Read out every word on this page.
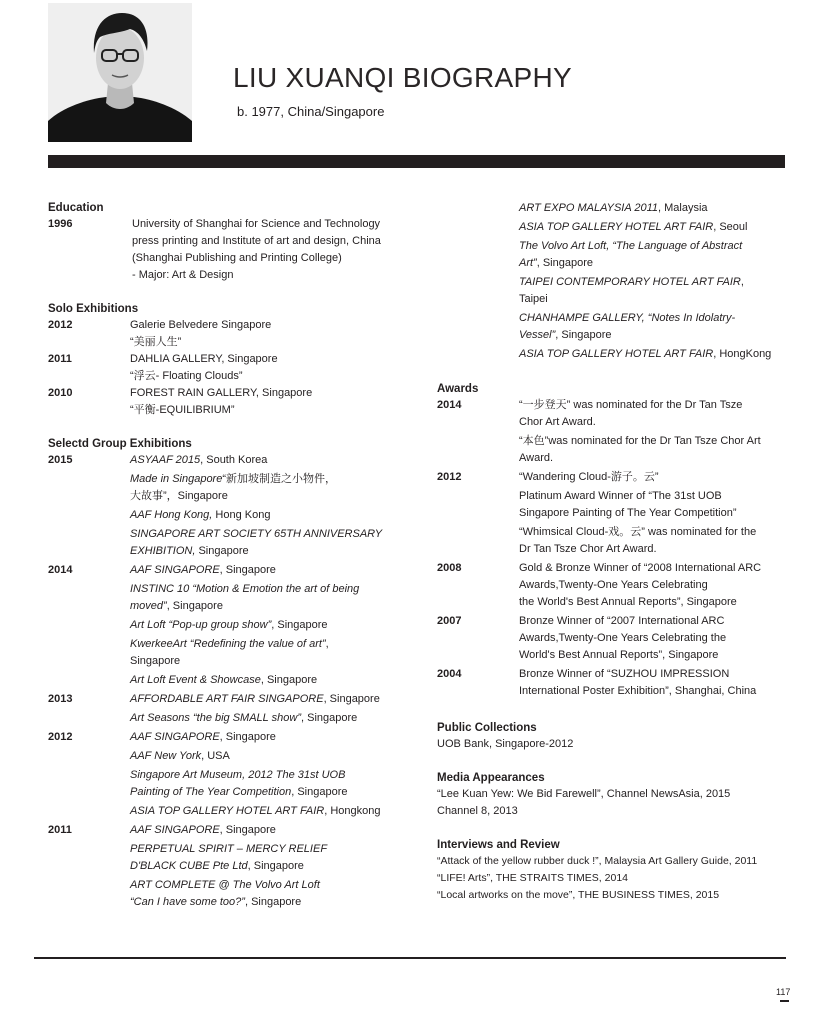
LIU XUANQI BIOGRAPHY
b. 1977, China/Singapore
Education
1996	University of Shanghai for Science and Technology
press printing and Institute of art and design, China
(Shanghai Publishing and Printing College)
- Major: Art & Design
Solo Exhibitions
2012	Galerie Belvedere Singapore
“美丽人生”
2011	DAHLIA GALLERY, Singapore
“浮云- Floating Clouds”
2010	FOREST RAIN GALLERY, Singapore
“平衡-EQUILIBRIUM”
Selectd Group Exhibitions
2015	ASYAAF 2015, South Korea
Made in Singapore“新加坡制造之小物件，
大故事”，Singapore
AAF Hong Kong, Hong Kong
SINGAPORE ART SOCIETY 65TH ANNIVERSARY
EXHIBITION, Singapore
2014	AAF SINGAPORE, Singapore
INSTINC 10 “Motion & Emotion the art of being
moved”, Singapore
Art Loft “Pop-up group show”, Singapore
KwerkeeArt “Redefining the value of art”,
Singapore
Art Loft Event & Showcase, Singapore
2013	AFFORDABLE ART FAIR SINGAPORE, Singapore
Art Seasons “the big SMALL show”, Singapore
2012	AAF SINGAPORE, Singapore
AAF New York, USA
Singapore Art Museum, 2012 The 31st UOB
Painting of The Year Competition, Singapore
ASIA TOP GALLERY HOTEL ART FAIR, Hongkong
2011	AAF SINGAPORE, Singapore
PERPETUAL SPIRIT – MERCY RELIEF
D'BLACK CUBE Pte Ltd, Singapore
ART COMPLETE @ The Volvo Art Loft
“Can I have some too?”, Singapore
ART EXPO MALAYSIA 2011, Malaysia
ASIA TOP GALLERY HOTEL ART FAIR, Seoul
The Volvo Art Loft, “The Language of Abstract
Art”, Singapore
TAIPEI CONTEMPORARY HOTEL ART FAIR,
Taipei
CHANHAMPE GALLERY, “Notes In Idolatry-
Vessel”, Singapore
ASIA TOP GALLERY HOTEL ART FAIR, HongKong
Awards
2014	“一步登天” was nominated for the Dr Tan Tsze
Chor Art Award.
“本色”was nominated for the Dr Tan Tsze Chor Art
Award.
2012	“Wandering Cloud-游子。云”
Platinum Award Winner of “The 31st UOB
Singapore Painting of The Year Competition”
“Whimsical Cloud-戏。云” was nominated for the
Dr Tan Tsze Chor Art Award.
2008	Gold & Bronze Winner of “2008 International ARC
Awards,Twenty-One Years Celebrating
the World's Best Annual Reports”, Singapore
2007	Bronze Winner of “2007 International ARC
Awards,Twenty-One Years Celebrating the
World's Best Annual Reports”, Singapore
2004	Bronze Winner of “SUZHOU IMPRESSION
International Poster Exhibition”, Shanghai, China
Public Collections
UOB Bank, Singapore-2012
Media Appearances
“Lee Kuan Yew: We Bid Farewell”, Channel NewsAsia, 2015
Channel 8, 2013
Interviews and Review
“Attack of the yellow rubber duck !”, Malaysia Art Gallery Guide, 2011
“LIFE! Arts”, THE STRAITS TIMES, 2014
“Local artworks on the move”, THE BUSINESS TIMES, 2015
117
